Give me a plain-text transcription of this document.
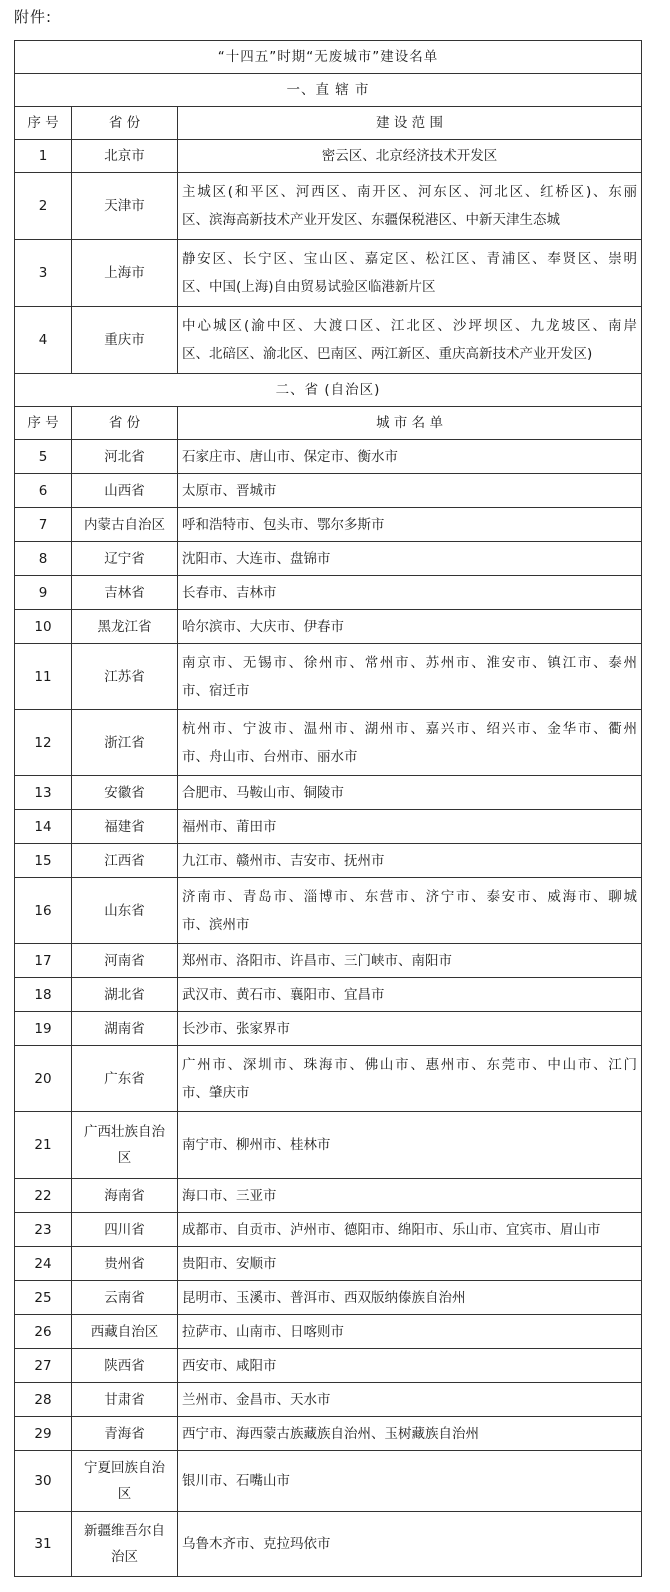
附件:
“十四五”时期“无废城市”建设名单		
一、直 辖 市		
序 号	省 份	建 设 范 围
1	北京市	密云区、北京经济技术开发区

2	天津市	主城区(和平区、河西区、南开区、河东区、河北区、红桥区)、东丽
区、滨海高新技术产业开发区、东疆保税港区、中新天津生态城

3	上海市	静安区、长宁区、宝山区、嘉定区、松江区、青浦区、奉贤区、崇明
区、中国(上海)自由贸易试验区临港新片区

4	重庆市	中心城区(渝中区、大渡口区、江北区、沙坪坝区、九龙坡区、南岸
区、北碚区、渝北区、巴南区、两江新区、重庆高新技术产业开发区)

二、省 (自治区)		
序 号	省 份	城 市 名 单
5	河北省	石家庄市、唐山市、保定市、衡水市

6	山西省	太原市、晋城市

7	内蒙古自治区	呼和浩特市、包头市、鄂尔多斯市

8	辽宁省	沈阳市、大连市、盘锦市

9	吉林省	长春市、吉林市

10	黑龙江省	哈尔滨市、大庆市、伊春市

11	江苏省	南京市、无锡市、徐州市、常州市、苏州市、淮安市、镇江市、泰州
市、宿迁市

12	浙江省	杭州市、宁波市、温州市、湖州市、嘉兴市、绍兴市、金华市、衢州
市、舟山市、台州市、丽水市

13	安徽省	合肥市、马鞍山市、铜陵市

14	福建省	福州市、莆田市

15	江西省	九江市、赣州市、吉安市、抚州市

16	山东省	济南市、青岛市、淄博市、东营市、济宁市、泰安市、威海市、聊城
市、滨州市

17	河南省	郑州市、洛阳市、许昌市、三门峡市、南阳市

18	湖北省	武汉市、黄石市、襄阳市、宜昌市

19	湖南省	长沙市、张家界市

20	广东省	广州市、深圳市、珠海市、佛山市、惠州市、东莞市、中山市、江门
市、肇庆市

21	广西壮族自治区	南宁市、柳州市、桂林市

22	海南省	海口市、三亚市

23	四川省	成都市、自贡市、泸州市、德阳市、绵阳市、乐山市、宜宾市、眉山市

24	贵州省	贵阳市、安顺市

25	云南省	昆明市、玉溪市、普洱市、西双版纳傣族自治州

26	西藏自治区	拉萨市、山南市、日喀则市

27	陕西省	西安市、咸阳市

28	甘肃省	兰州市、金昌市、天水市

29	青海省	西宁市、海西蒙古族藏族自治州、玉树藏族自治州

30	宁夏回族自治区	银川市、石嘴山市

31	新疆维吾尔自治区	乌鲁木齐市、克拉玛依市
